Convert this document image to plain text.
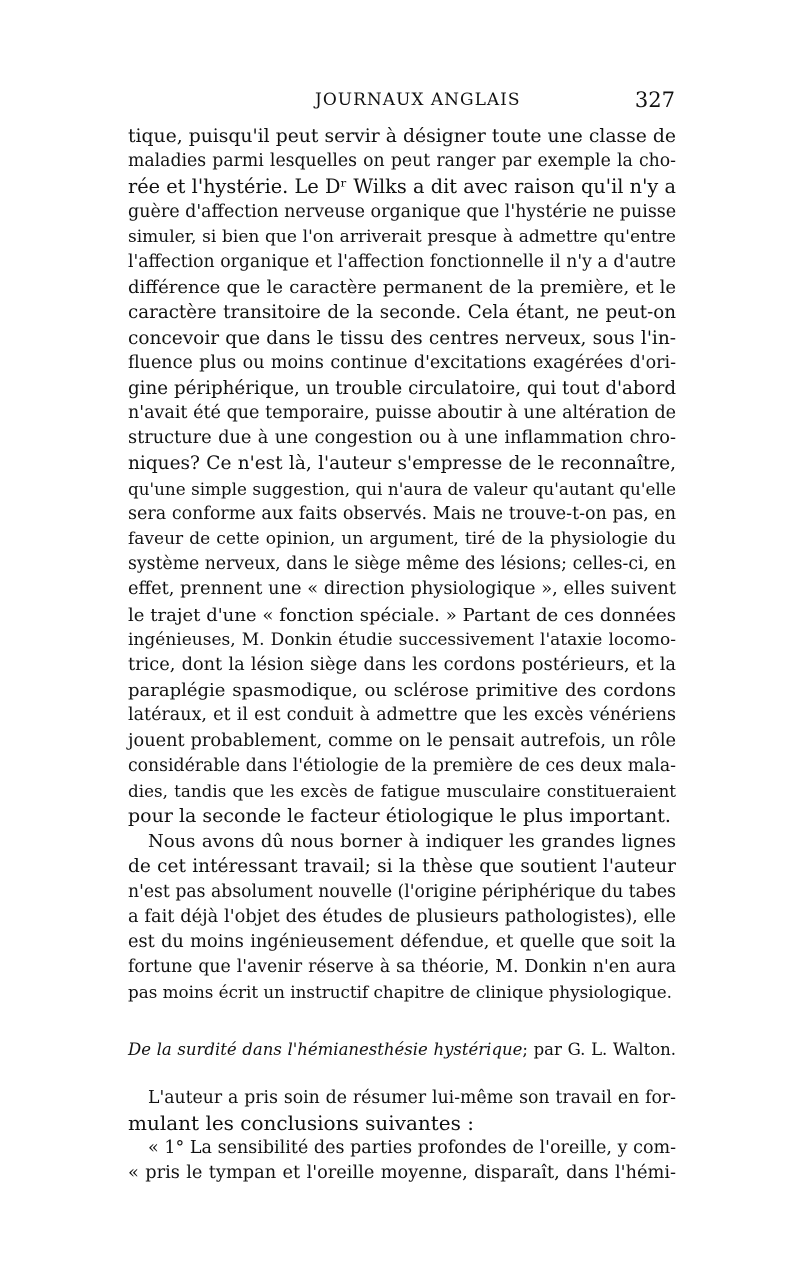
JOURNAUX ANGLAIS	327
tique, puisqu'il peut servir à désigner toute une classe de
maladies parmi lesquelles on peut ranger par exemple la cho-
rée et l'hystérie. Le Dʳ Wilks a dit avec raison qu'il n'y a
guère d'affection nerveuse organique que l'hystérie ne puisse
simuler, si bien que l'on arriverait presque à admettre qu'entre
l'affection organique et l'affection fonctionnelle il n'y a d'autre
différence que le caractère permanent de la première, et le
caractère transitoire de la seconde. Cela étant, ne peut-on
concevoir que dans le tissu des centres nerveux, sous l'in-
fluence plus ou moins continue d'excitations exagérées d'ori-
gine périphérique, un trouble circulatoire, qui tout d'abord
n'avait été que temporaire, puisse aboutir à une altération de
structure due à une congestion ou à une inflammation chro-
niques? Ce n'est là, l'auteur s'empresse de le reconnaître,
qu'une simple suggestion, qui n'aura de valeur qu'autant qu'elle
sera conforme aux faits observés. Mais ne trouve-t-on pas, en
faveur de cette opinion, un argument, tiré de la physiologie du
système nerveux, dans le siège même des lésions; celles-ci, en
effet, prennent une « direction physiologique », elles suivent
le trajet d'une « fonction spéciale. » Partant de ces données
ingénieuses, M. Donkin étudie successivement l'ataxie locomo-
trice, dont la lésion siège dans les cordons postérieurs, et la
paraplégie spasmodique, ou sclérose primitive des cordons
latéraux, et il est conduit à admettre que les excès vénériens
jouent probablement, comme on le pensait autrefois, un rôle
considérable dans l'étiologie de la première de ces deux mala-
dies, tandis que les excès de fatigue musculaire constitueraient
pour la seconde le facteur étiologique le plus important.
Nous avons dû nous borner à indiquer les grandes lignes
de cet intéressant travail; si la thèse que soutient l'auteur
n'est pas absolument nouvelle (l'origine périphérique du tabes
a fait déjà l'objet des études de plusieurs pathologistes), elle
est du moins ingénieusement défendue, et quelle que soit la
fortune que l'avenir réserve à sa théorie, M. Donkin n'en aura
pas moins écrit un instructif chapitre de clinique physiologique.
De la surdité dans l'hémianesthésie hystérique; par G. L. Walton.
L'auteur a pris soin de résumer lui-même son travail en for-
mulant les conclusions suivantes :
« 1° La sensibilité des parties profondes de l'oreille, y com-
« pris le tympan et l'oreille moyenne, disparaît, dans l'hémi-
